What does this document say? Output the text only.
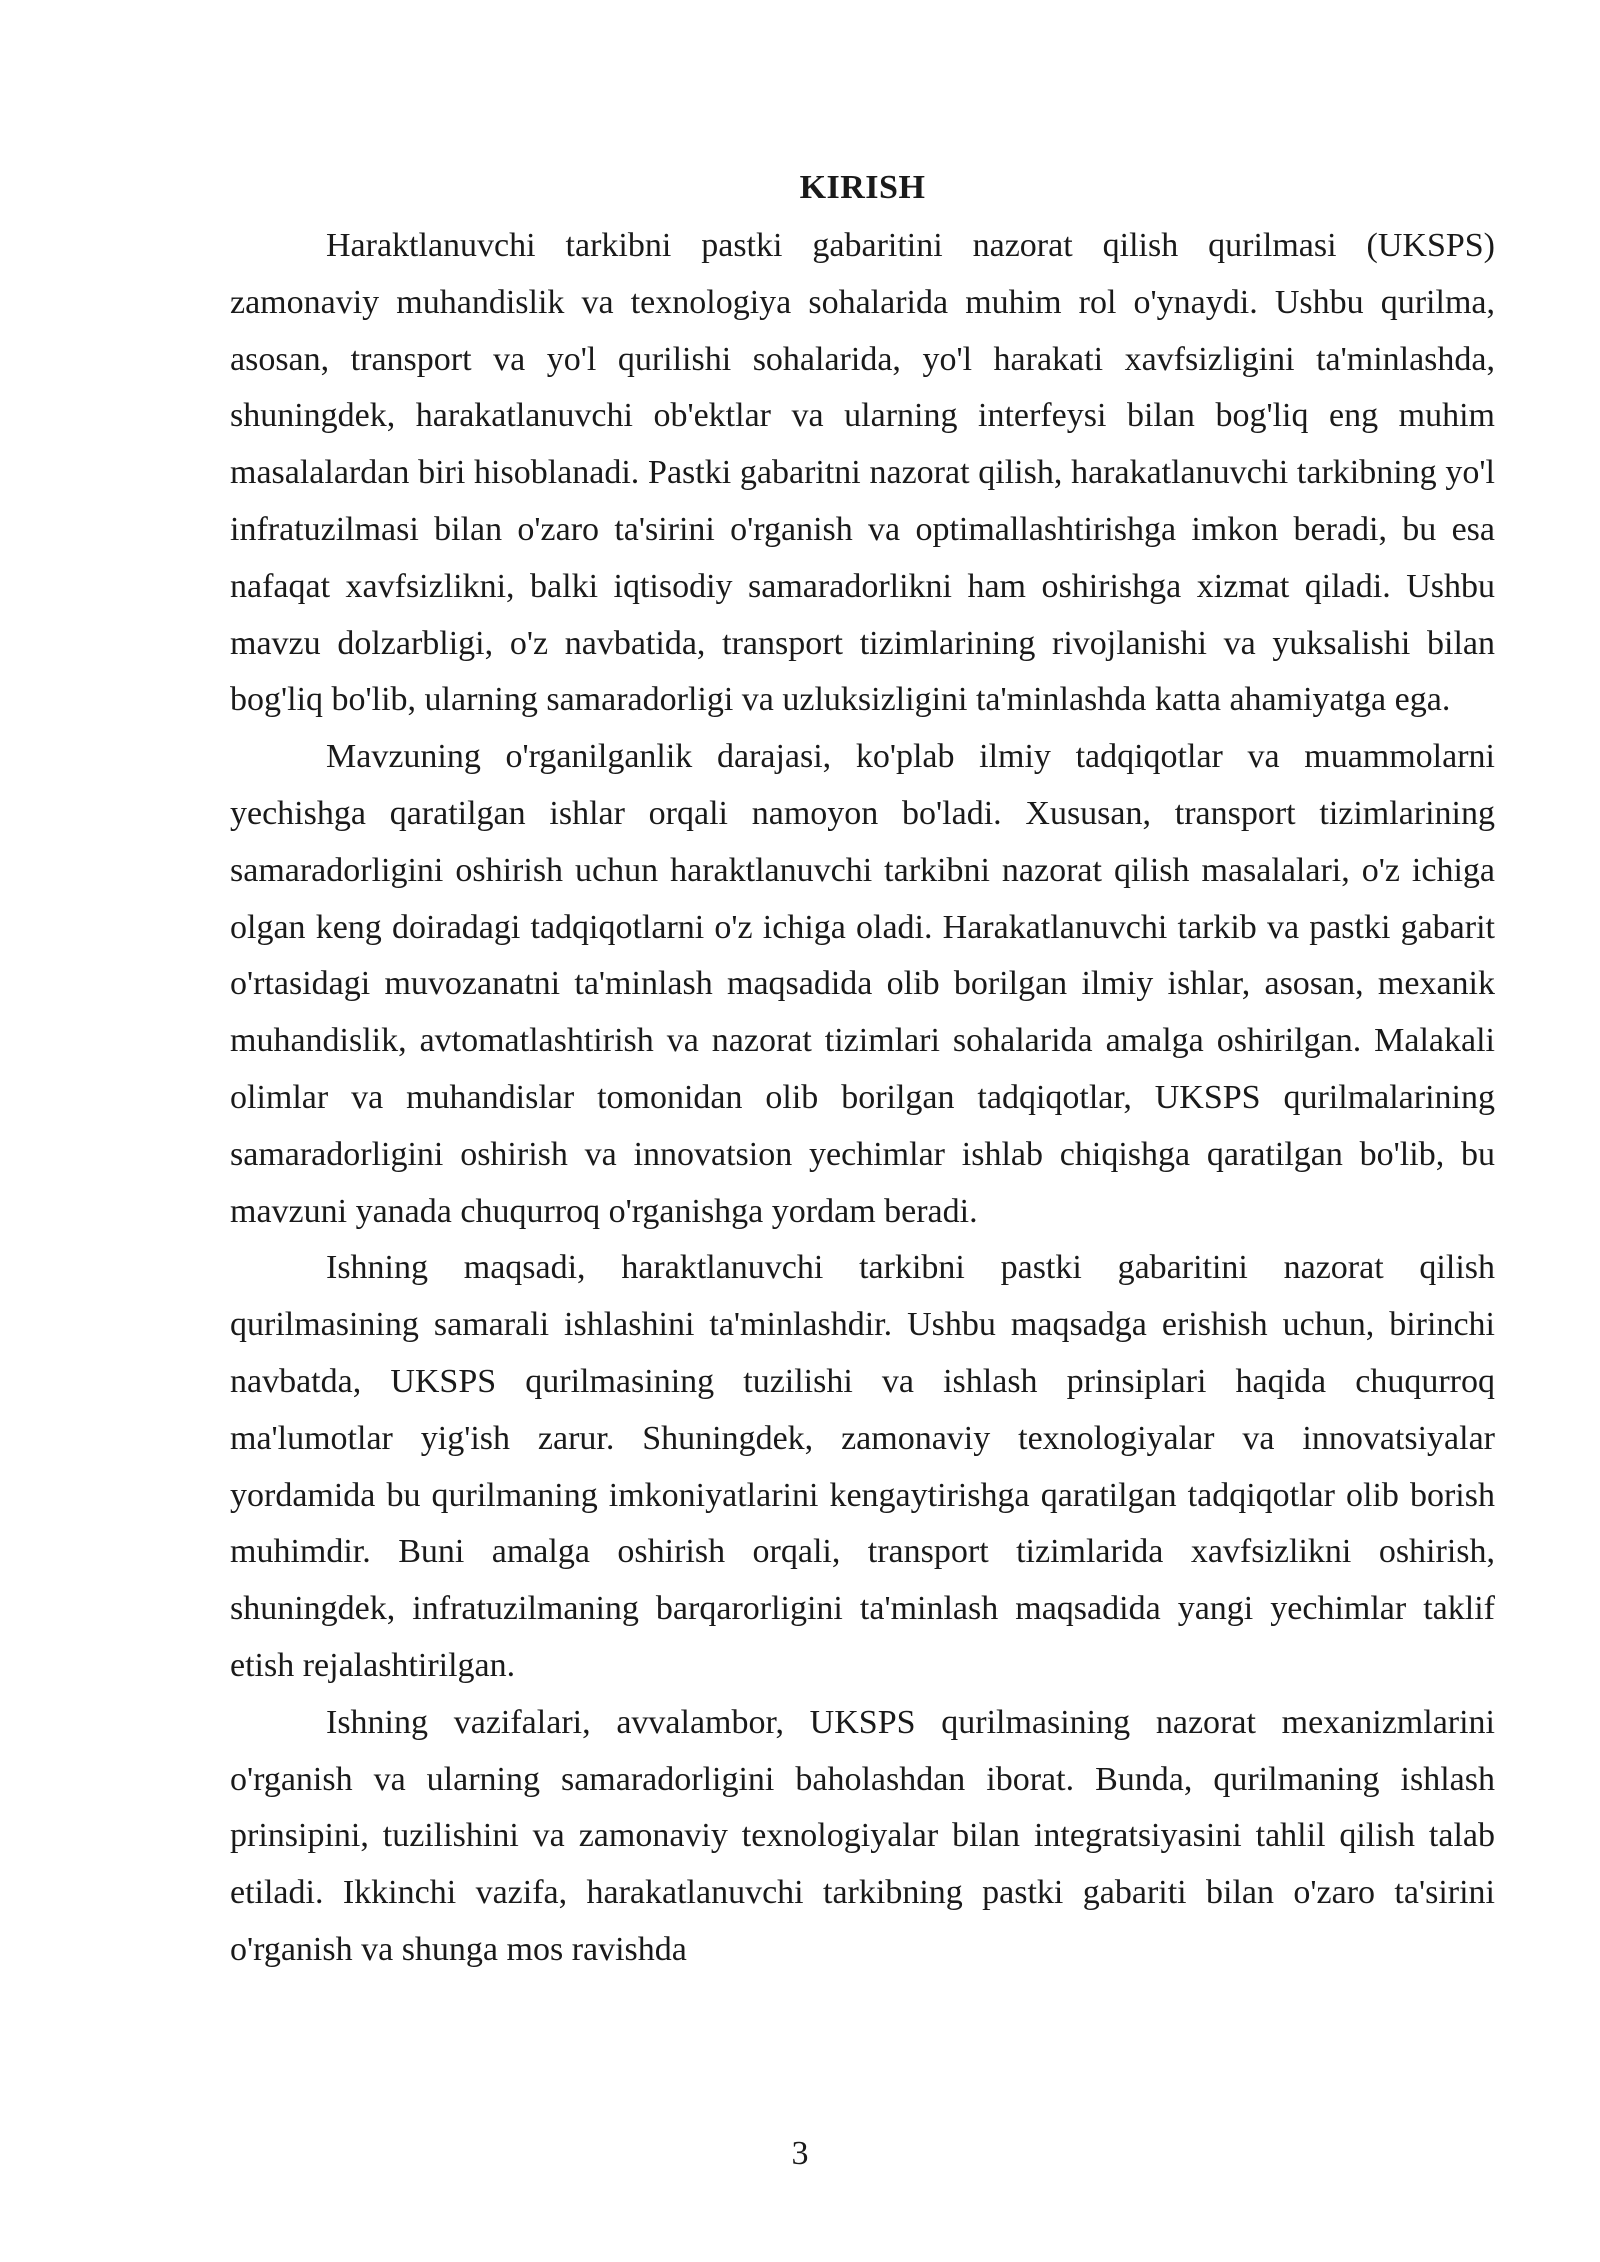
KIRISH

Haraktlanuvchi tarkibni pastki gabaritini nazorat qilish qurilmasi (UKSPS) zamonaviy muhandislik va texnologiya sohalarida muhim rol o'ynaydi. Ushbu qurilma, asosan, transport va yo'l qurilishi sohalarida, yo'l harakati xavfsizligini ta'minlashda, shuningdek, harakatlanuvchi ob'ektlar va ularning interfeysi bilan bog'liq eng muhim masalalardan biri hisoblanadi. Pastki gabaritni nazorat qilish, harakatlanuvchi tarkibning yo'l infratuzilmasi bilan o'zaro ta'sirini o'rganish va optimallashtirishga imkon beradi, bu esa nafaqat xavfsizlikni, balki iqtisodiy samaradorlikni ham oshirishga xizmat qiladi. Ushbu mavzu dolzarbligi, o'z navbatida, transport tizimlarining rivojlanishi va yuksalishi bilan bog'liq bo'lib, ularning samaradorligi va uzluksizligini ta'minlashda katta ahamiyatga ega.

Mavzuning o'rganilganlik darajasi, ko'plab ilmiy tadqiqotlar va muammolarni yechishga qaratilgan ishlar orqali namoyon bo'ladi. Xususan, transport tizimlarining samaradorligini oshirish uchun haraktlanuvchi tarkibni nazorat qilish masalalari, o'z ichiga olgan keng doiradagi tadqiqotlarni o'z ichiga oladi. Harakatlanuvchi tarkib va pastki gabarit o'rtasidagi muvozanatni ta'minlash maqsadida olib borilgan ilmiy ishlar, asosan, mexanik muhandislik, avtomatlashtirish va nazorat tizimlari sohalarida amalga oshirilgan. Malakali olimlar va muhandislar tomonidan olib borilgan tadqiqotlar, UKSPS qurilmalarining samaradorligini oshirish va innovatsion yechimlar ishlab chiqishga qaratilgan bo'lib, bu mavzuni yanada chuqurroq o'rganishga yordam beradi.

Ishning maqsadi, haraktlanuvchi tarkibni pastki gabaritini nazorat qilish qurilmasining samarali ishlashini ta'minlashdir. Ushbu maqsadga erishish uchun, birinchi navbatda, UKSPS qurilmasining tuzilishi va ishlash prinsiplari haqida chuqurroq ma'lumotlar yig'ish zarur. Shuningdek, zamonaviy texnologiyalar va innovatsiyalar yordamida bu qurilmaning imkoniyatlarini kengaytirishga qaratilgan tadqiqotlar olib borish muhimdir. Buni amalga oshirish orqali, transport tizimlarida xavfsizlikni oshirish, shuningdek, infratuzilmaning barqarorligini ta'minlash maqsadida yangi yechimlar taklif etish rejalashtirilgan.

Ishning vazifalari, avvalambor, UKSPS qurilmasining nazorat mexanizmlarini o'rganish va ularning samaradorligini baholashdan iborat. Bunda, qurilmaning ishlash prinsipini, tuzilishini va zamonaviy texnologiyalar bilan integratsiyasini tahlil qilish talab etiladi. Ikkinchi vazifa, harakatlanuvchi tarkibning pastki gabariti bilan o'zaro ta'sirini o'rganish va shunga mos ravishda

3
